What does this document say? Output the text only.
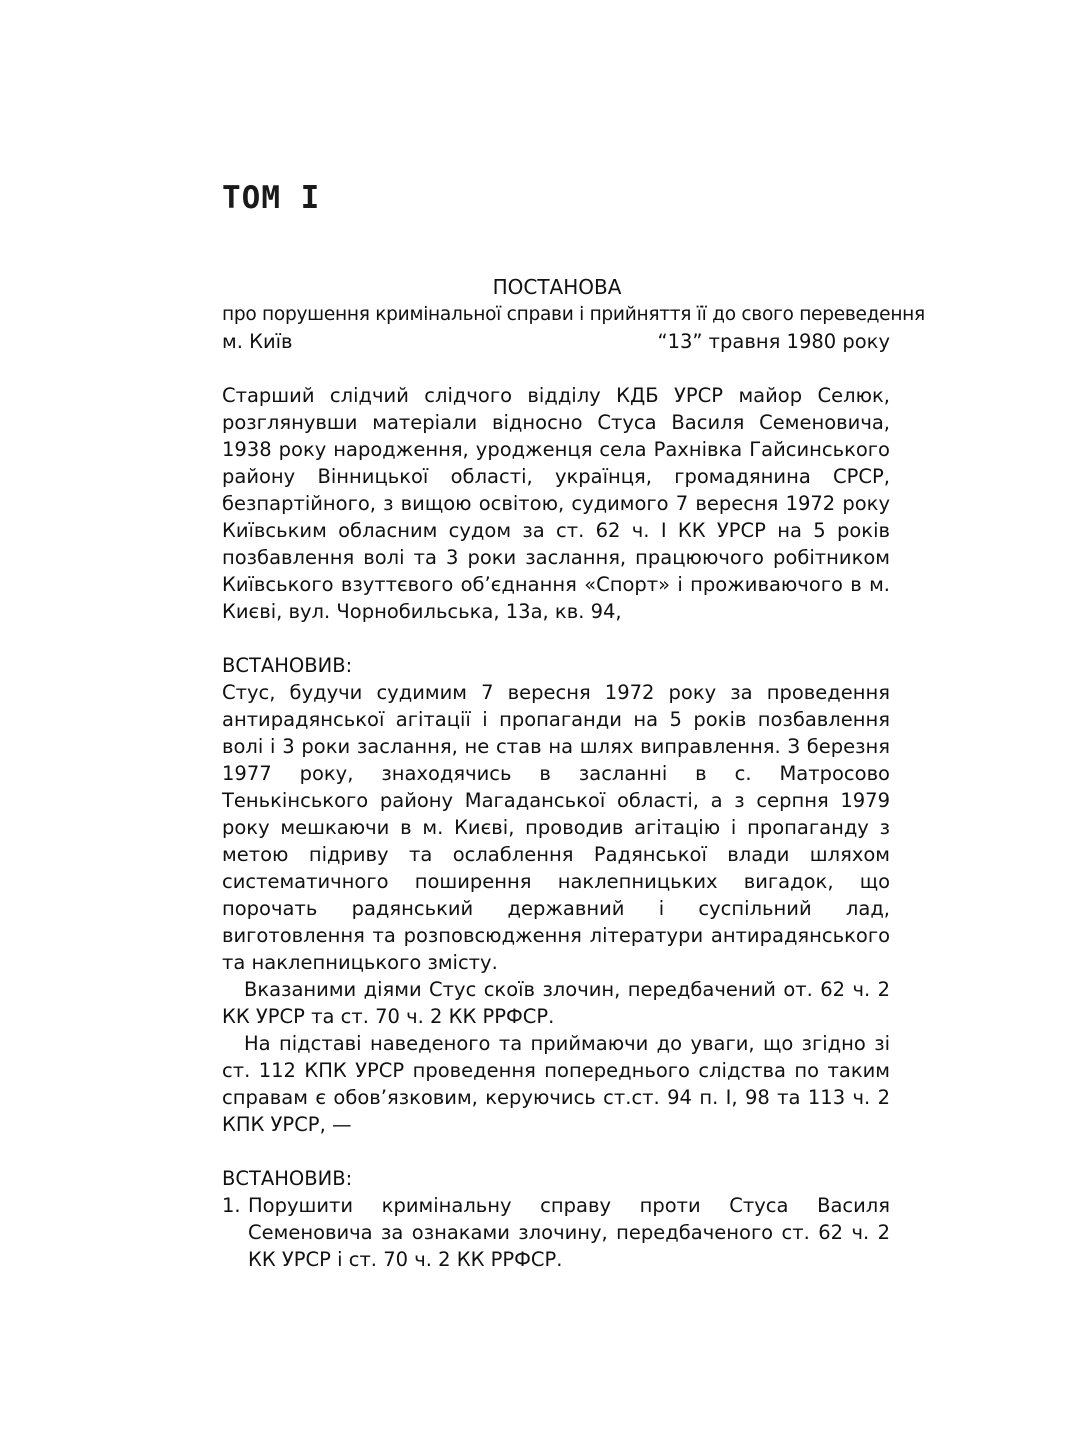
ТОМ I

ПОСТАНОВА

про порушення кримінальної справи і прийняття її до свого переведення

м. Київ	“13” травня 1980 року

Старший слідчий слідчого відділу КДБ УРСР майор Селюк, розглянувши матеріали відносно Стуса Василя Семеновича, 1938 року народження, уродженця села Рахнівка Гайсинського району Вінницької області, українця, громадянина СРСР, безпартійного, з вищою освітою, судимого 7 вересня 1972 року Київським обласним судом за ст. 62 ч. I КК УРСР на 5 років позбавлення волі та 3 роки заслання, працюючого робітником Київського взуттєвого об’єднання «Спорт» і проживаючого в м. Києві, вул. Чорнобильська, 13а, кв. 94,

ВСТАНОВИВ:

Стус, будучи судимим 7 вересня 1972 року за проведення антирадянської агітації і пропаганди на 5 років позбавлення волі і 3 роки заслання, не став на шлях виправлення. З березня 1977 року, знаходячись в засланні в с. Матросово Тенькінського району Магаданської області, а з серпня 1979 року мешкаючи в м. Києві, проводив агітацію і пропаганду з метою підриву та ослаблення Радянської влади шляхом систематичного поширення наклепницьких вигадок, що порочать радянський державний і суспільний лад, виготовлення та розповсюдження літератури антирадянського та наклепницького змісту.

Вказаними діями Стус скоїв злочин, передбачений от. 62 ч. 2 КК УРСР та ст. 70 ч. 2 КК РРФСР.

На підставі наведеного та приймаючи до уваги, що згідно зі ст. 112 КПК УРСР проведення попереднього слідства по таким справам є обов’язковим, керуючись ст.ст. 94 п. I, 98 та 113 ч. 2 КПК УРСР, —

ВСТАНОВИВ:

1. Порушити кримінальну справу проти Стуса Василя Семеновича за ознаками злочину, передбаченого ст. 62 ч. 2 КК УРСР і ст. 70 ч. 2 КК РРФСР.
